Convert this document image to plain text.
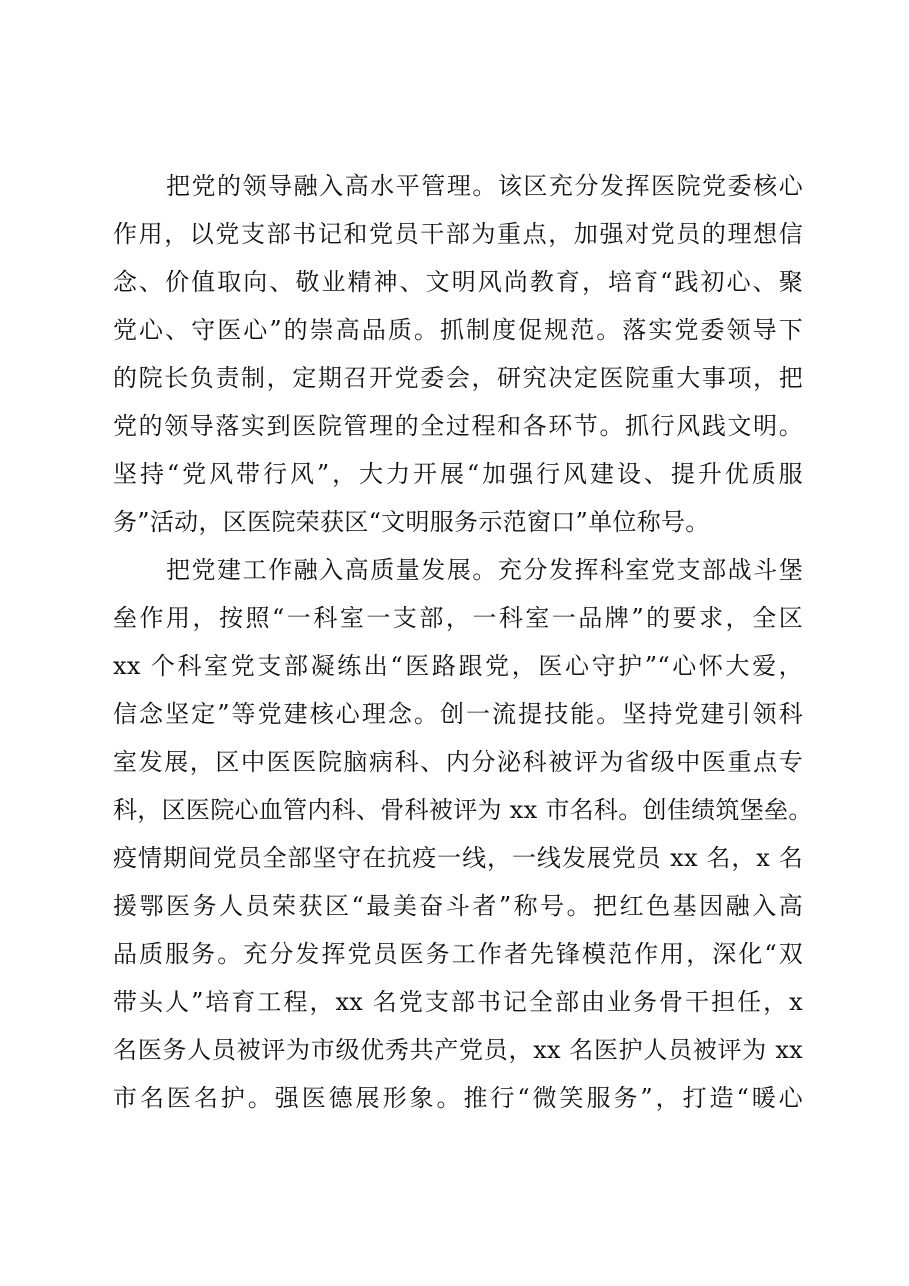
把党的领导融入高水平管理。该区充分发挥医院党委核心
作用，以党支部书记和党员干部为重点，加强对党员的理想信
念、价值取向、敬业精神、文明风尚教育，培育“践初心、聚
党心、守医心”的崇高品质。抓制度促规范。落实党委领导下
的院长负责制，定期召开党委会，研究决定医院重大事项，把
党的领导落实到医院管理的全过程和各环节。抓行风践文明。
坚持“党风带行风”，大力开展“加强行风建设、提升优质服
务”活动，区医院荣获区“文明服务示范窗口”单位称号。
把党建工作融入高质量发展。充分发挥科室党支部战斗堡
垒作用，按照“一科室一支部，一科室一品牌”的要求，全区
xx 个科室党支部凝练出“医路跟党，医心守护”“心怀大爱，
信念坚定”等党建核心理念。创一流提技能。坚持党建引领科
室发展，区中医医院脑病科、内分泌科被评为省级中医重点专
科，区医院心血管内科、骨科被评为 xx 市名科。创佳绩筑堡垒。
疫情期间党员全部坚守在抗疫一线，一线发展党员 xx 名，x 名
援鄂医务人员荣获区“最美奋斗者”称号。把红色基因融入高
品质服务。充分发挥党员医务工作者先锋模范作用，深化“双
带头人”培育工程，xx 名党支部书记全部由业务骨干担任，x
名医务人员被评为市级优秀共产党员，xx 名医护人员被评为 xx
市名医名护。强医德展形象。推行“微笑服务”，打造“暖心
